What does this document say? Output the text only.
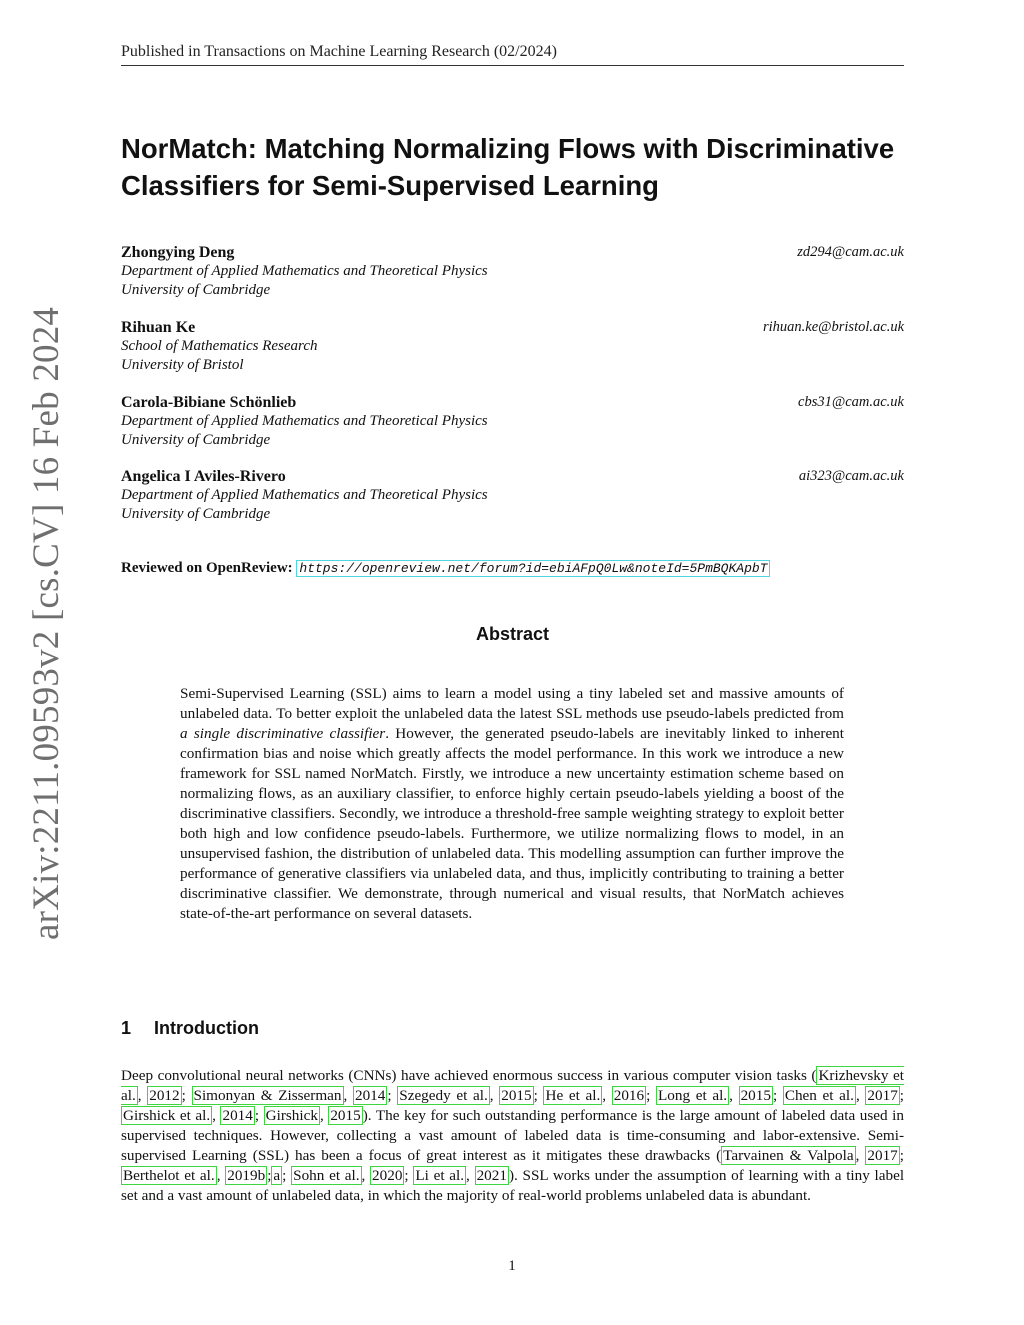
arXiv:2211.09593v2 [cs.CV] 16 Feb 2024
Published in Transactions on Machine Learning Research (02/2024)
NorMatch: Matching Normalizing Flows with Discriminative Classifiers for Semi-Supervised Learning
Zhongying Deng	zd294@cam.ac.uk
Department of Applied Mathematics and Theoretical Physics
University of Cambridge
Rihuan Ke	rihuan.ke@bristol.ac.uk
School of Mathematics Research
University of Bristol
Carola-Bibiane Schönlieb	cbs31@cam.ac.uk
Department of Applied Mathematics and Theoretical Physics
University of Cambridge
Angelica I Aviles-Rivero	ai323@cam.ac.uk
Department of Applied Mathematics and Theoretical Physics
University of Cambridge
Reviewed on OpenReview: https://openreview.net/forum?id=ebiAFpQ0Lw&noteId=5PmBQKApbT
Abstract

Semi-Supervised Learning (SSL) aims to learn a model using a tiny labeled set and massive amounts of unlabeled data. To better exploit the unlabeled data the latest SSL methods use pseudo-labels predicted from a single discriminative classifier. However, the generated pseudo-labels are inevitably linked to inherent confirmation bias and noise which greatly affects the model performance. In this work we introduce a new framework for SSL named NorMatch. Firstly, we introduce a new uncertainty estimation scheme based on normalizing flows, as an auxiliary classifier, to enforce highly certain pseudo-labels yielding a boost of the discriminative classifiers. Secondly, we introduce a threshold-free sample weighting strategy to exploit better both high and low confidence pseudo-labels. Furthermore, we utilize normalizing flows to model, in an unsupervised fashion, the distribution of unlabeled data. This modelling assumption can further improve the performance of generative classifiers via unlabeled data, and thus, implicitly contributing to training a better discriminative classifier. We demonstrate, through numerical and visual results, that NorMatch achieves state-of-the-art performance on several datasets.

1 Introduction

Deep convolutional neural networks (CNNs) have achieved enormous success in various computer vision tasks ( Krizhevsky et al. , 2012 ; Simonyan & Zisserman , 2014 ; Szegedy et al. , 2015 ; He et al. , 2016 ; Long et al. , 2015 ; Chen et al. , 2017 ; Girshick et al. , 2014 ; Girshick , 2015 ). The key for such outstanding performance is the large amount of labeled data used in supervised techniques. However, collecting a vast amount of labeled data is time-consuming and labor-extensive. Semi-supervised Learning (SSL) has been a focus of great interest as it mitigates these drawbacks ( Tarvainen & Valpola , 2017 ; Berthelot et al. , 2019b ; a ; Sohn et al. , 2020 ; Li et al. , 2021 ). SSL works under the assumption of learning with a tiny label set and a vast amount of unlabeled data, in which the majority of real-world problems unlabeled data is abundant.

1
